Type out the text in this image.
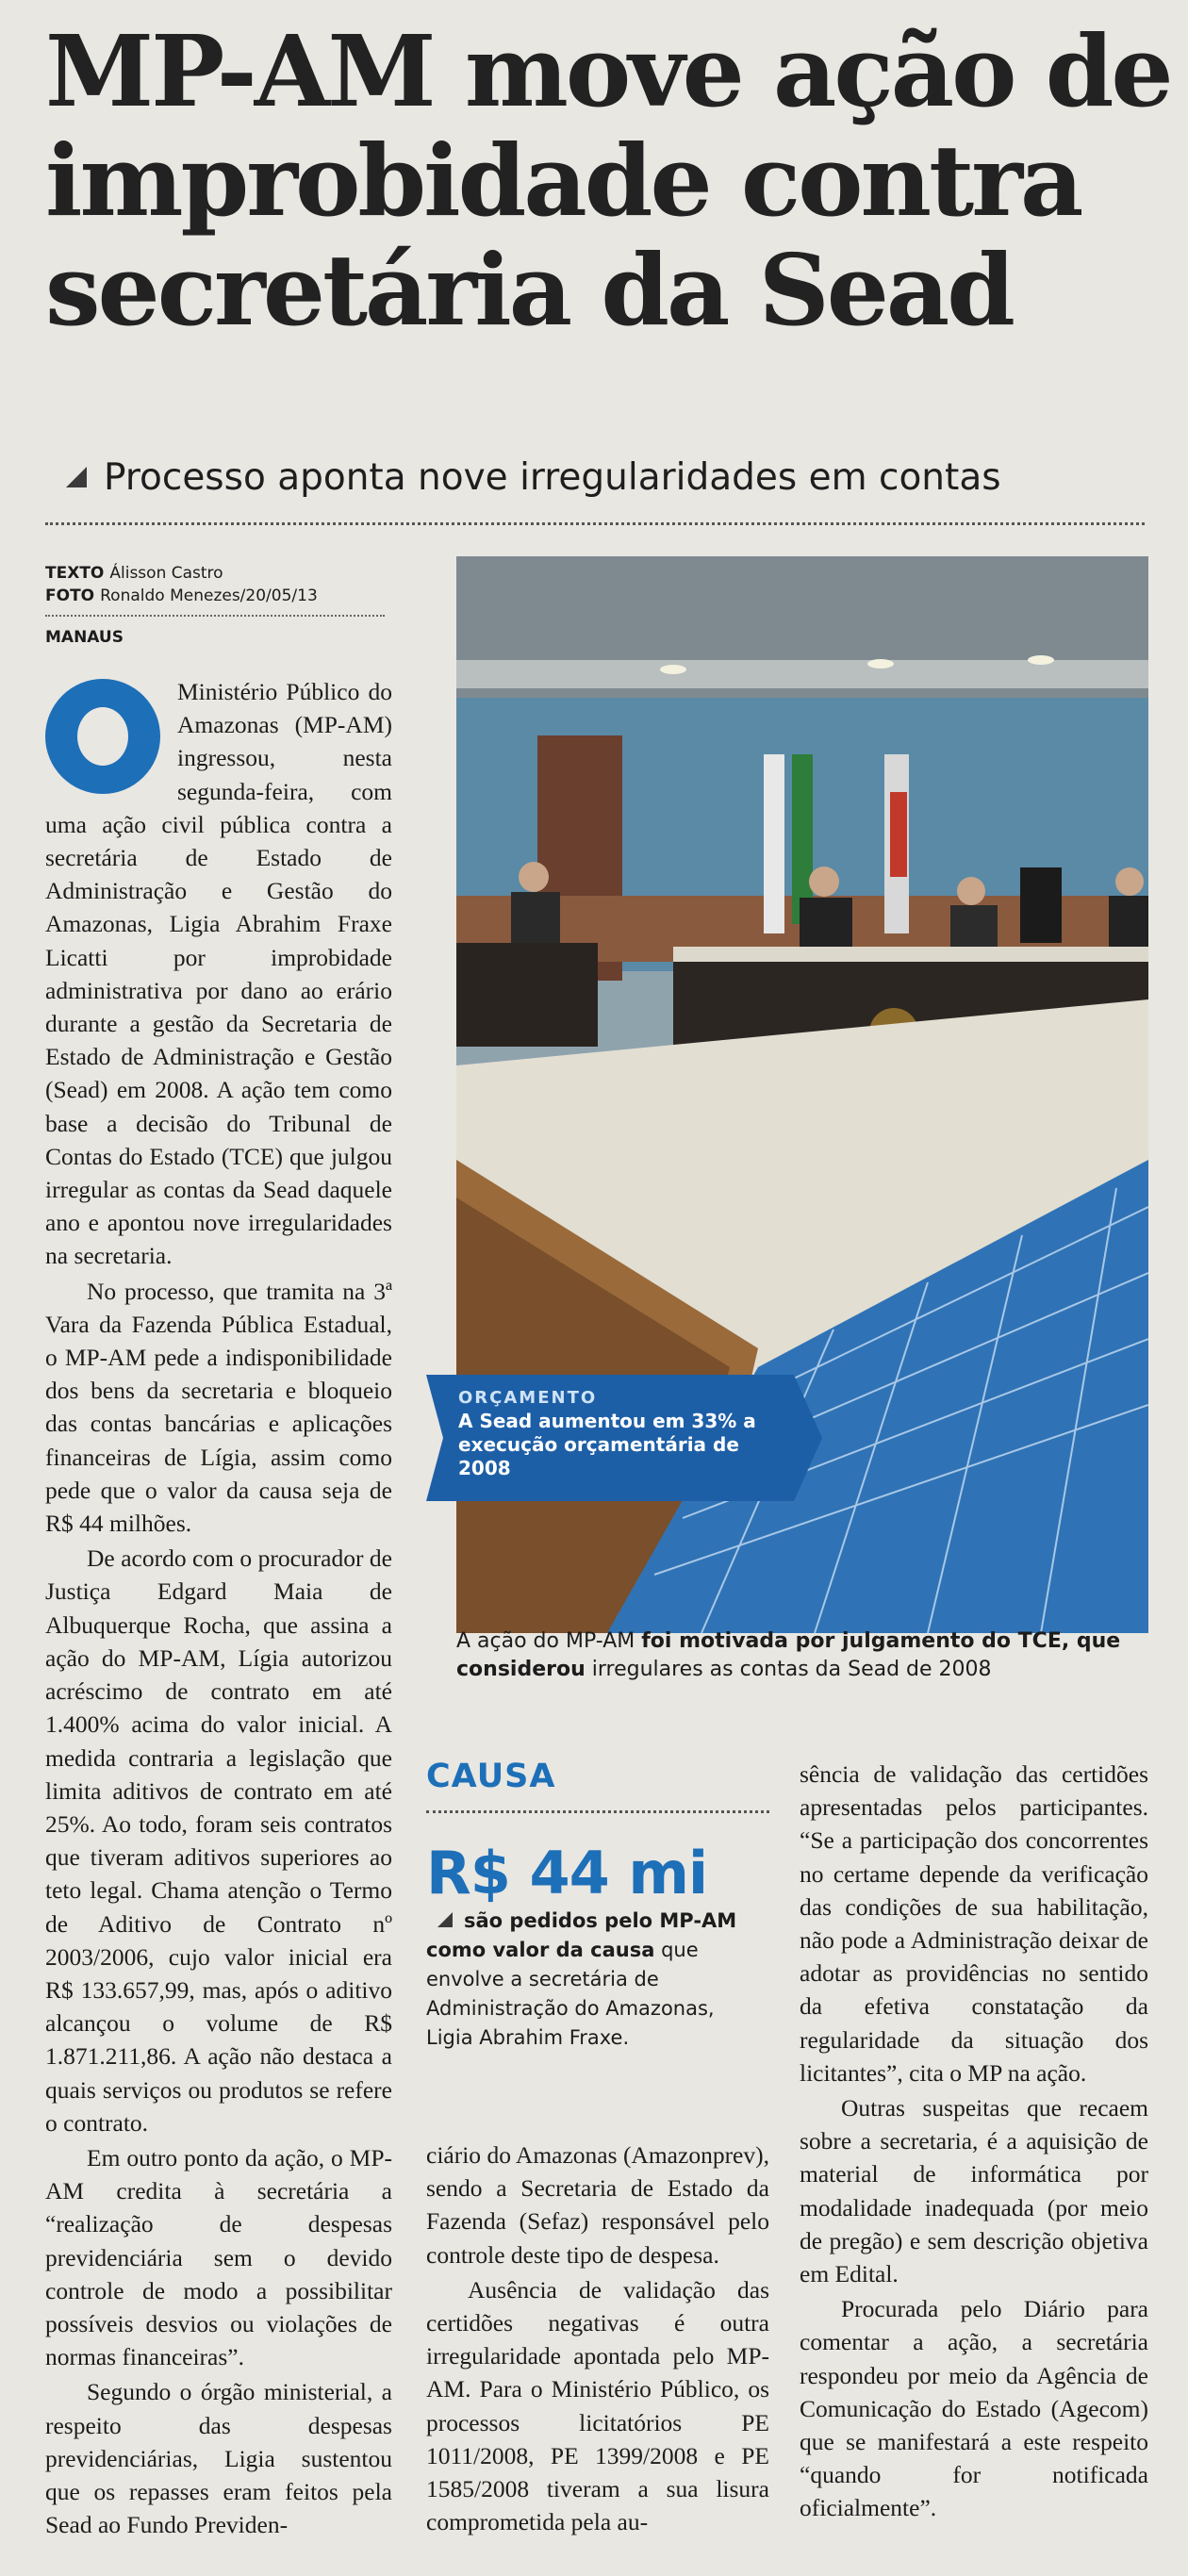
MP-AM move ação de
improbidade contra
secretária da Sead
Processo aponta nove irregularidades em contas
TEXTO Álisson Castro
FOTO Ronaldo Menezes/20/05/13
MANAUS

Ministério Público do Amazonas (MP-AM) ingressou, nesta segunda-feira, com uma ação civil pública contra a secretária de Estado de Administração e Gestão do Amazonas, Ligia Abrahim Fraxe Licatti por improbidade administrativa por dano ao erário durante a gestão da Secretaria de Estado de Administração e Gestão (Sead) em 2008. A ação tem como base a decisão do Tribunal de Contas do Estado (TCE) que julgou irregular as contas da Sead daquele ano e apontou nove irregularidades na secretaria.

No processo, que tramita na 3ª Vara da Fazenda Pública Estadual, o MP-AM pede a indisponibilidade dos bens da secretaria e bloqueio das contas bancárias e aplicações financeiras de Lígia, assim como pede que o valor da causa seja de R$ 44 milhões.

De acordo com o procurador de Justiça Edgard Maia de Albuquerque Rocha, que assina a ação do MP-AM, Lígia autorizou acréscimo de contrato em até 1.400% acima do valor inicial. A medida contraria a legislação que limita aditivos de contrato em até 25%. Ao todo, foram seis contratos que tiveram aditivos superiores ao teto legal. Chama atenção o Termo de Aditivo de Contrato nº 2003/2006, cujo valor inicial era R$ 133.657,99, mas, após o aditivo alcançou o volume de R$ 1.871.211,86. A ação não destaca a quais serviços ou produtos se refere o contrato.

Em outro ponto da ação, o MP-AM credita à secretária a “realização de despesas previdenciária sem o devido controle de modo a possibilitar possíveis desvios ou violações de normas financeiras”.

Segundo o órgão ministerial, a respeito das despesas previdenciárias, Ligia sustentou que os repasses eram feitos pela Sead ao Fundo Previden-

ORÇAMENTO
A Sead aumentou em 33% a execução orçamentária de 2008
A ação do MP-AM foi motivada por julgamento do TCE, que considerou irregulares as contas da Sead de 2008
CAUSA
R$ 44 mi
são pedidos pelo MP-AM como valor da causa que envolve a secretária de Administração do Amazonas, Ligia Abrahim Fraxe.

ciário do Amazonas (Amazonprev), sendo a Secretaria de Estado da Fazenda (Sefaz) responsável pelo controle deste tipo de despesa.

Ausência de validação das certidões negativas é outra irregularidade apontada pelo MP-AM. Para o Ministério Público, os processos licitatórios PE 1011/2008, PE 1399/2008 e PE 1585/2008 tiveram a sua lisura comprometida pela au-

sência de validação das certidões apresentadas pelos participantes. “Se a participação dos concorrentes no certame depende da verificação das condições de sua habilitação, não pode a Administração deixar de adotar as providências no sentido da efetiva constatação da regularidade da situação dos licitantes”, cita o MP na ação.

Outras suspeitas que recaem sobre a secretaria, é a aquisição de material de informática por modalidade inadequada (por meio de pregão) e sem descrição objetiva em Edital.

Procurada pelo Diário para comentar a ação, a secretária respondeu por meio da Agência de Comunicação do Estado (Agecom) que se manifestará a este respeito “quando for notificada oficialmente”.
